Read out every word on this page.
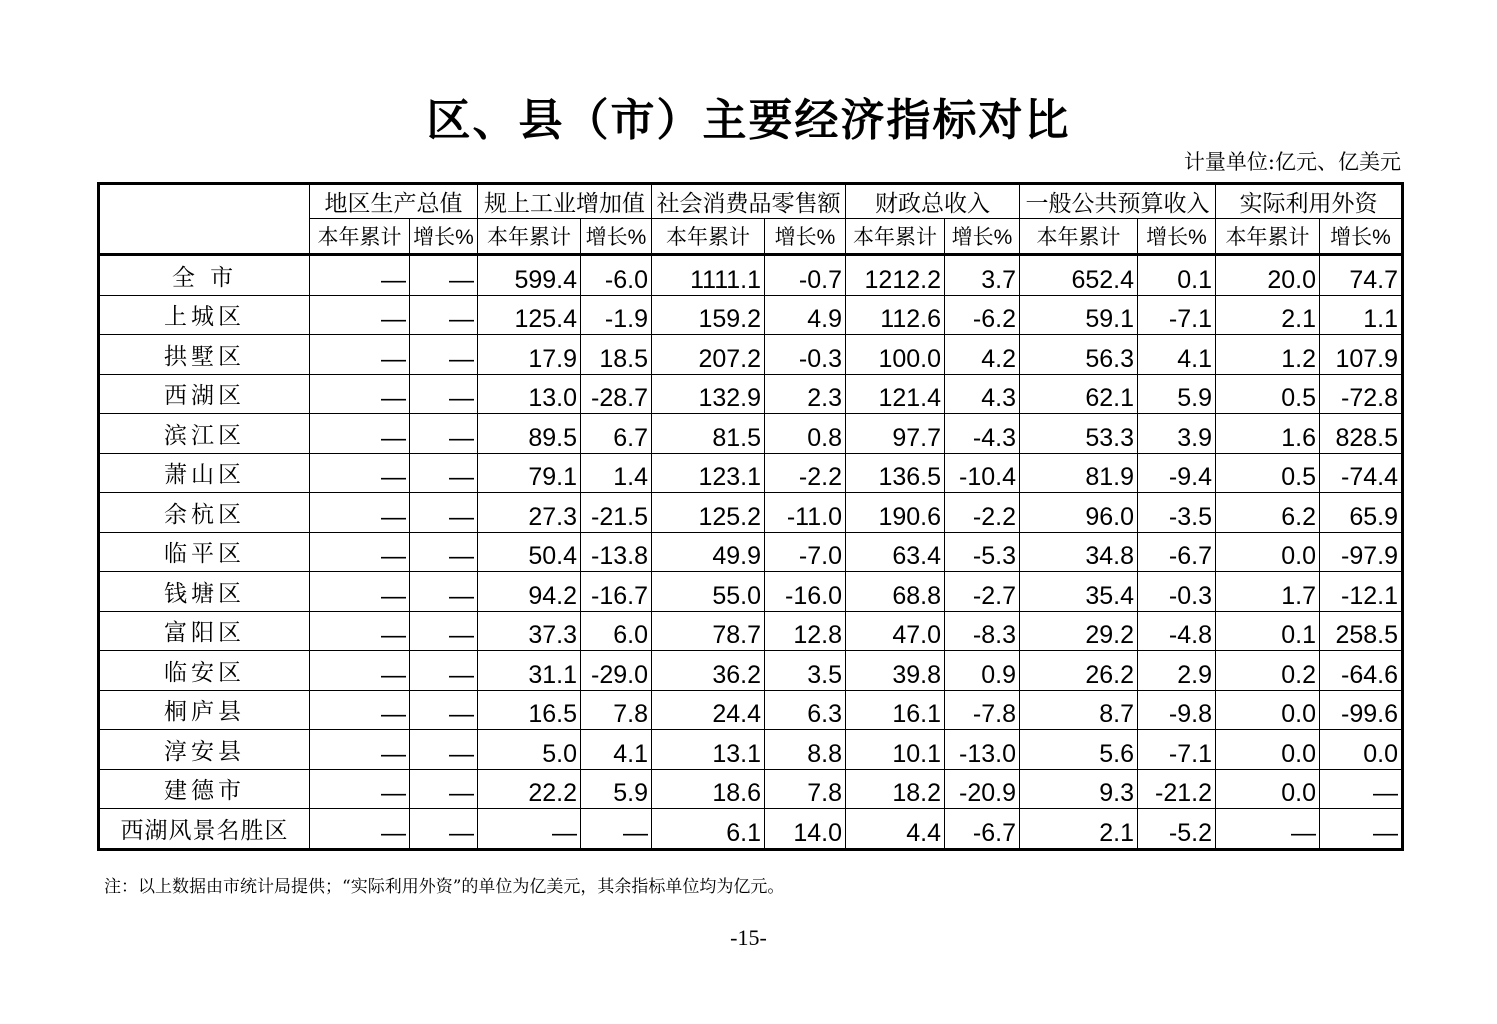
区、县（市）主要经济指标对比
计量单位:亿元、亿美元
	地区生产总值		规上工业增加值		社会消费品零售额		财政总收入		一般公共预算收入		实际利用外资	
	本年累计	增长%	本年累计	增长%	本年累计	增长%	本年累计	增长%	本年累计	增长%	本年累计	增长%
全 市	—	—	599.4	-6.0	1111.1	-0.7	1212.2	3.7	652.4	0.1	20.0	74.7
上城区	—	—	125.4	-1.9	159.2	4.9	112.6	-6.2	59.1	-7.1	2.1	1.1
拱墅区	—	—	17.9	18.5	207.2	-0.3	100.0	4.2	56.3	4.1	1.2	107.9
西湖区	—	—	13.0	-28.7	132.9	2.3	121.4	4.3	62.1	5.9	0.5	-72.8
滨江区	—	—	89.5	6.7	81.5	0.8	97.7	-4.3	53.3	3.9	1.6	828.5
萧山区	—	—	79.1	1.4	123.1	-2.2	136.5	-10.4	81.9	-9.4	0.5	-74.4
余杭区	—	—	27.3	-21.5	125.2	-11.0	190.6	-2.2	96.0	-3.5	6.2	65.9
临平区	—	—	50.4	-13.8	49.9	-7.0	63.4	-5.3	34.8	-6.7	0.0	-97.9
钱塘区	—	—	94.2	-16.7	55.0	-16.0	68.8	-2.7	35.4	-0.3	1.7	-12.1
富阳区	—	—	37.3	6.0	78.7	12.8	47.0	-8.3	29.2	-4.8	0.1	258.5
临安区	—	—	31.1	-29.0	36.2	3.5	39.8	0.9	26.2	2.9	0.2	-64.6
桐庐县	—	—	16.5	7.8	24.4	6.3	16.1	-7.8	8.7	-9.8	0.0	-99.6
淳安县	—	—	5.0	4.1	13.1	8.8	10.1	-13.0	5.6	-7.1	0.0	0.0
建德市	—	—	22.2	5.9	18.6	7.8	18.2	-20.9	9.3	-21.2	0.0	—
西湖风景名胜区	—	—	—	—	6.1	14.0	4.4	-6.7	2.1	-5.2	—	—
注：以上数据由市统计局提供；“实际利用外资”的单位为亿美元，其余指标单位均为亿元。
-15-
